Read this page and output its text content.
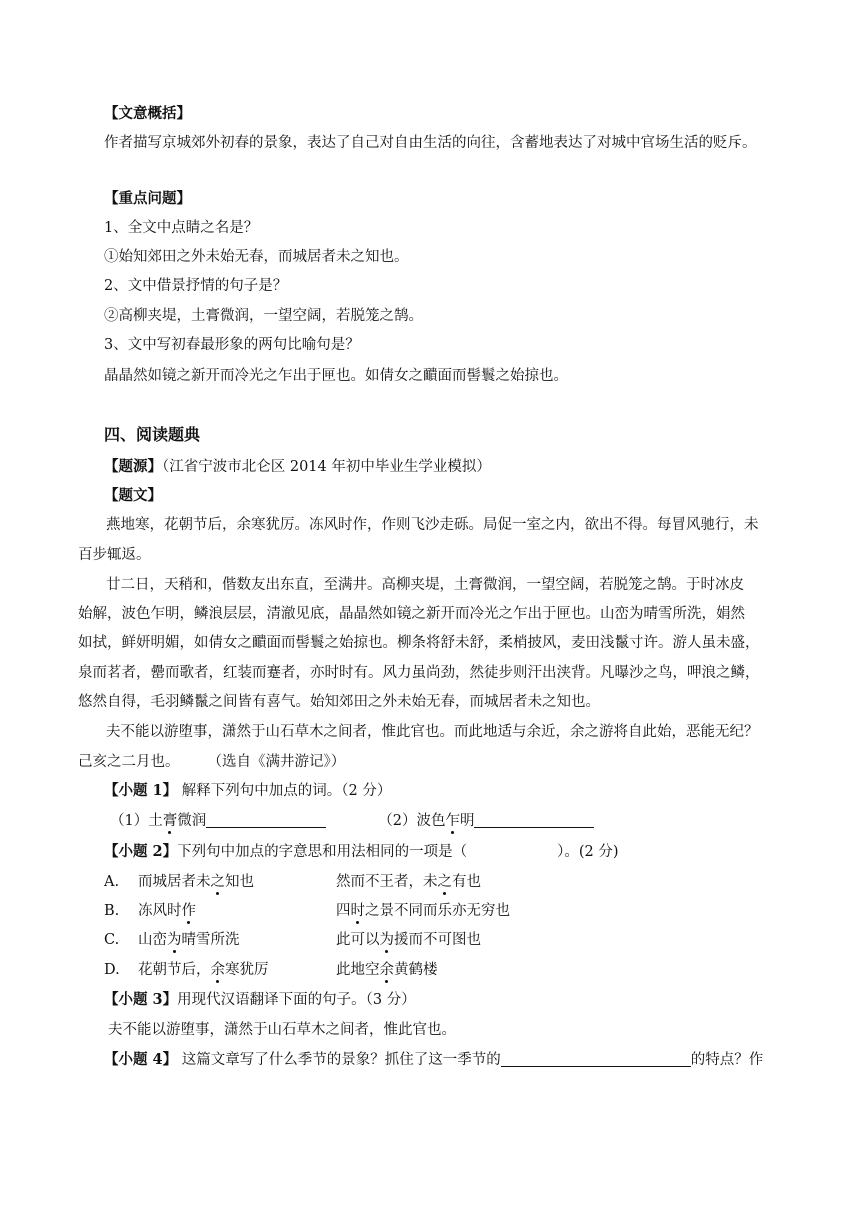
【文意概括】
作者描写京城郊外初春的景象，表达了自己对自由生活的向往，含蓄地表达了对城中官场生活的贬斥。
【重点问题】
1、全文中点睛之名是？
①始知郊田之外未始无春，而城居者未之知也。
2、文中借景抒情的句子是？
②高柳夹堤，土膏微润，一望空阔，若脱笼之鹄。
3、文中写初春最形象的两句比喻句是？
晶晶然如镜之新开而冷光之乍出于匣也。如倩女之靧面而髻鬟之始掠也。
四、阅读题典
【题源】（江省宁波市北仑区 2014 年初中毕业生学业模拟）
【题文】
燕地寒，花朝节后，余寒犹厉。冻风时作，作则飞沙走砾。局促一室之内，欲出不得。每冒风驰行，未
百步辄返。
廿二日，天稍和，偕数友出东直，至满井。高柳夹堤，土膏微润，一望空阔，若脱笼之鹄。于时冰皮
始解，波色乍明，鳞浪层层，清澈见底，晶晶然如镜之新开而冷光之乍出于匣也。山峦为晴雪所洗，娟然
如拭，鲜妍明媚，如倩女之靧面而髻鬟之始掠也。柳条将舒未舒，柔梢披风，麦田浅鬣寸许。游人虽未盛，
泉而茗者，罍而歌者，红装而蹇者，亦时时有。风力虽尚劲，然徒步则汗出浃背。凡曝沙之鸟，呷浪之鳞，
悠然自得，毛羽鳞鬣之间皆有喜气。始知郊田之外未始无春，而城居者未之知也。
夫不能以游堕事，潇然于山石草木之间者，惟此官也。而此地适与余近，余之游将自此始，恶能无纪？
己亥之二月也。 （选自《满井游记》）
【小题 1】 解释下列句中加点的词。（2 分）
（1）土膏微润	（2）波色乍明
【小题 2】下列句中加点的字意思和用法相同的一项是（	）。(2 分)
A. 而城居者未之知也	然而不王者，未之有也
B. 冻风时作	四时之景不同而乐亦无穷也
C. 山峦为晴雪所洗	此可以为援而不可图也
D. 花朝节后，余寒犹厉	此地空余黄鹤楼
【小题 3】用现代汉语翻译下面的句子。（3 分）
夫不能以游堕事，潇然于山石草木之间者，惟此官也。
【小题 4】 这篇文章写了什么季节的景象？抓住了这一季节的	的特点？作
